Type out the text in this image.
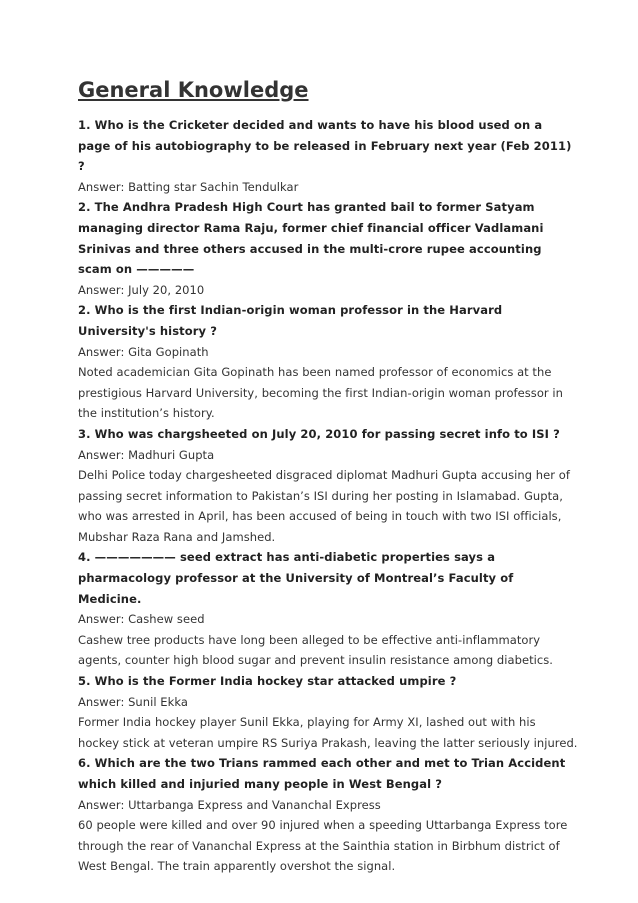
General Knowledge

1. Who is the Cricketer decided and wants to have his blood used on a page of his autobiography to be released in February next year (Feb 2011) ?

Answer: Batting star Sachin Tendulkar

2. The Andhra Pradesh High Court has granted bail to former Satyam managing director Rama Raju, former chief financial officer Vadlamani Srinivas and three others accused in the multi-crore rupee accounting scam on —————

Answer: July 20, 2010

2. Who is the first Indian-origin woman professor in the Harvard University's history ?

Answer: Gita Gopinath

Noted academician Gita Gopinath has been named professor of economics at the prestigious Harvard University, becoming the first Indian-origin woman professor in the institution’s history.

3. Who was chargsheeted on July 20, 2010 for passing secret info to ISI ?

Answer: Madhuri Gupta

Delhi Police today chargesheeted disgraced diplomat Madhuri Gupta accusing her of passing secret information to Pakistan’s ISI during her posting in Islamabad. Gupta, who was arrested in April, has been accused of being in touch with two ISI officials, Mubshar Raza Rana and Jamshed.

4. ——————— seed extract has anti-diabetic properties says a pharmacology professor at the University of Montreal’s Faculty of Medicine.

Answer: Cashew seed

Cashew tree products have long been alleged to be effective anti-inflammatory agents, counter high blood sugar and prevent insulin resistance among diabetics.

5. Who is the Former India hockey star attacked umpire ?

Answer: Sunil Ekka

Former India hockey player Sunil Ekka, playing for Army XI, lashed out with his hockey stick at veteran umpire RS Suriya Prakash, leaving the latter seriously injured.

6. Which are the two Trians rammed each other and met to Trian Accident which killed and injuried many people in West Bengal ?

Answer: Uttarbanga Express and Vananchal Express

60 people were killed and over 90 injured when a speeding Uttarbanga Express tore through the rear of Vananchal Express at the Sainthia station in Birbhum district of West Bengal. The train apparently overshot the signal.
